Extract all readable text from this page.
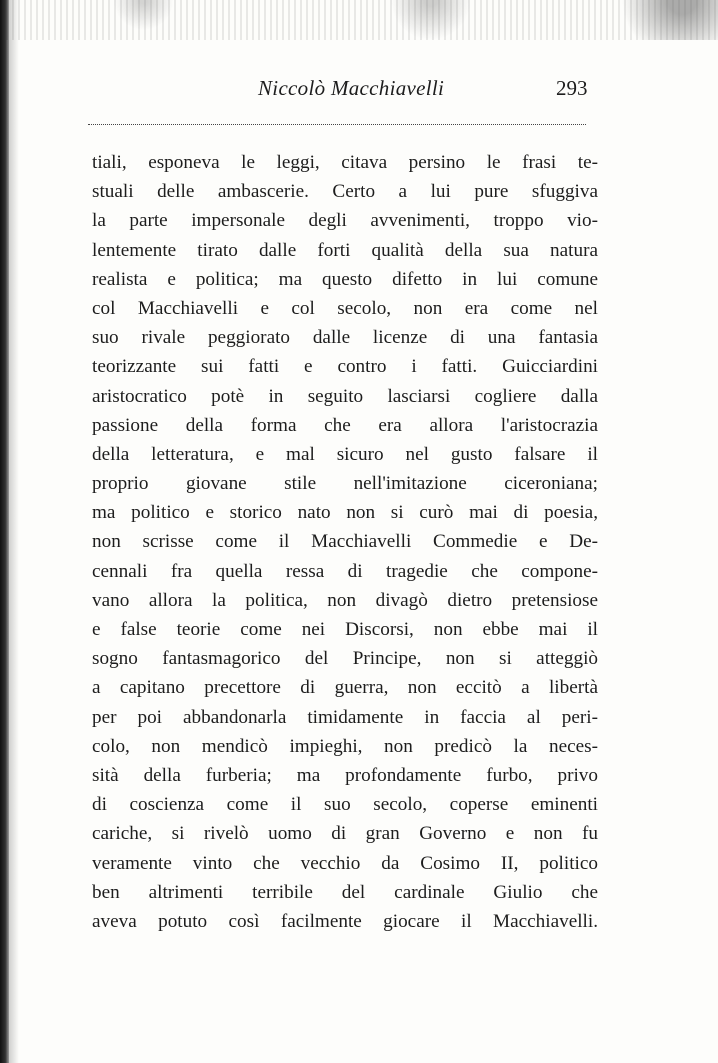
Niccolò Macchiavelli	293
tiali, esponeva le leggi, citava persino le frasi te-
stuali delle ambascerie. Certo a lui pure sfuggiva
la parte impersonale degli avvenimenti, troppo vio-
lentemente tirato dalle forti qualità della sua natura
realista e politica; ma questo difetto in lui comune
col Macchiavelli e col secolo, non era come nel
suo rivale peggiorato dalle licenze di una fantasia
teorizzante sui fatti e contro i fatti. Guicciardini
aristocratico potè in seguito lasciarsi cogliere dalla
passione della forma che era allora l'aristocrazia
della letteratura, e mal sicuro nel gusto falsare il
proprio giovane stile nell'imitazione ciceroniana;
ma politico e storico nato non si curò mai di poesia,
non scrisse come il Macchiavelli Commedie e De-
cennali fra quella ressa di tragedie che compone-
vano allora la politica, non divagò dietro pretensiose
e false teorie come nei Discorsi, non ebbe mai il
sogno fantasmagorico del Principe, non si atteggiò
a capitano precettore di guerra, non eccitò a libertà
per poi abbandonarla timidamente in faccia al peri-
colo, non mendicò impieghi, non predicò la neces-
sità della furberia; ma profondamente furbo, privo
di coscienza come il suo secolo, coperse eminenti
cariche, si rivelò uomo di gran Governo e non fu
veramente vinto che vecchio da Cosimo II, politico
ben altrimenti terribile del cardinale Giulio che
aveva potuto così facilmente giocare il Macchiavelli.
